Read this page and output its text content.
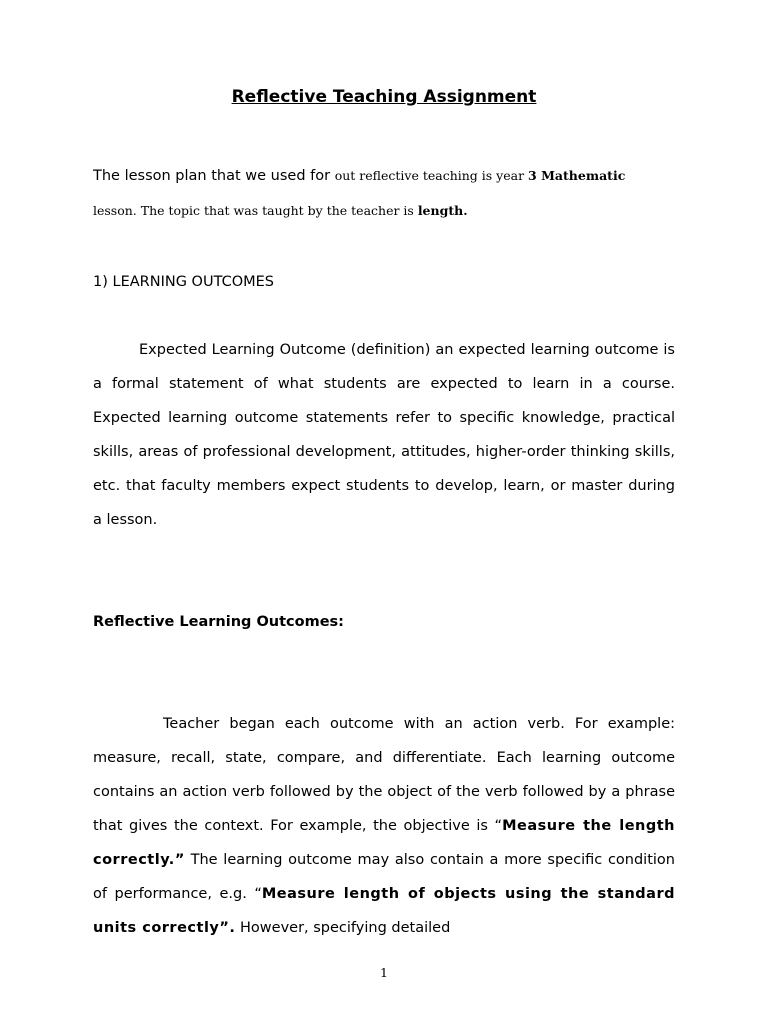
Reflective Teaching Assignment

The lesson plan that we used for out reflective teaching is year 3 Mathematic

lesson. The topic that was taught by the teacher is length.

1) LEARNING OUTCOMES

Expected Learning Outcome (definition) an expected learning outcome is a formal statement of what students are expected to learn in a course. Expected learning outcome statements refer to specific knowledge, practical skills, areas of professional development, attitudes, higher-order thinking skills, etc. that faculty members expect students to develop, learn, or master during a lesson.

Reflective Learning Outcomes:

Teacher began each outcome with an action verb. For example: measure, recall, state, compare, and differentiate. Each learning outcome contains an action verb followed by the object of the verb followed by a phrase that gives the context. For example, the objective is “Measure the length correctly.” The learning outcome may also contain a more specific condition of performance, e.g. “Measure length of objects using the standard units correctly”. However, specifying detailed

1
